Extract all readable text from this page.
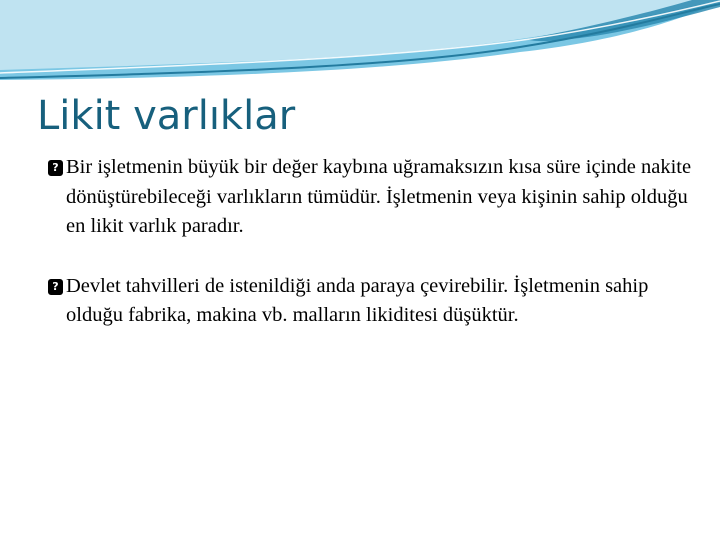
Likit varlıklar
? Bir işletmenin büyük bir değer kaybına uğramaksızın kısa süre içinde nakite dönüştürebileceği varlıkların tümüdür. İşletmenin veya kişinin sahip olduğu en likit varlık paradır.
? Devlet tahvilleri de istenildiği anda paraya çevirebilir. İşletmenin sahip olduğu fabrika, makina vb. malların likiditesi düşüktür.
